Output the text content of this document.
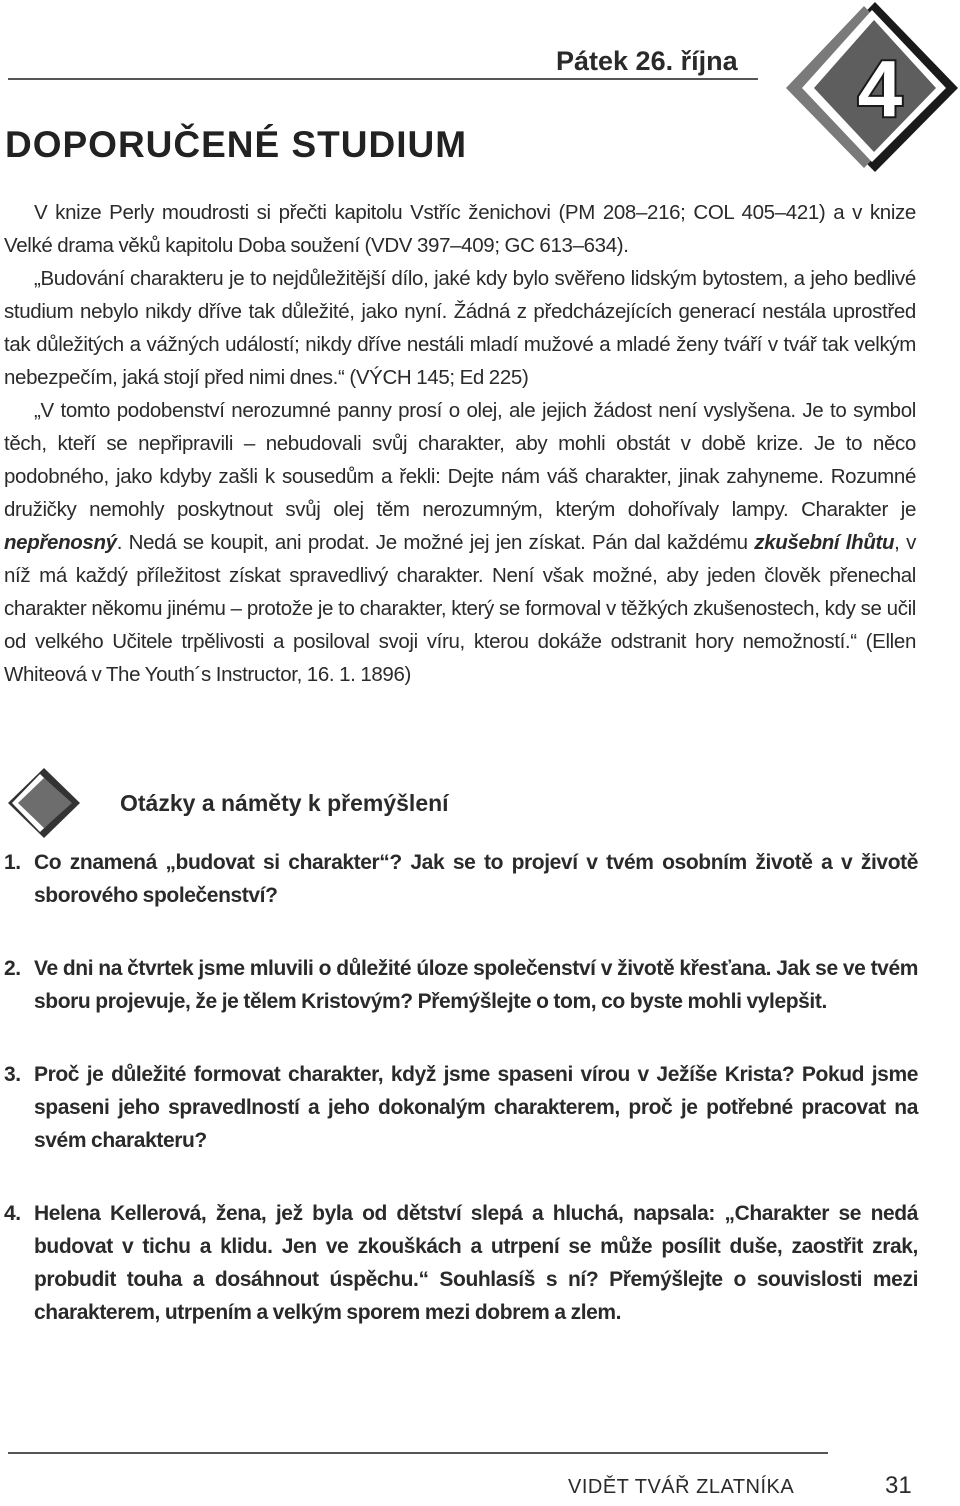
Pátek 26. října 4
DOPORUČENÉ STUDIUM

V knize Perly moudrosti si přečti kapitolu Vstříc ženichovi (PM 208–216; COL 405–421) a v knize Velké drama věků kapitolu Doba soužení (VDV 397–409; GC 613–634).

„Budování charakteru je to nejdůležitější dílo, jaké kdy bylo svěřeno lidským bytostem, a jeho bedlivé studium nebylo nikdy dříve tak důležité, jako nyní. Žádná z předcházejících generací nestála uprostřed tak důležitých a vážných událostí; nikdy dříve nestáli mladí mužové a mladé ženy tváří v tvář tak velkým nebezpečím, jaká stojí před nimi dnes.“ (VÝCH 145; Ed 225)

„V tomto podobenství nerozumné panny prosí o olej, ale jejich žádost není vyslyšena. Je to symbol těch, kteří se nepřipravili – nebudovali svůj charakter, aby mohli obstát v době krize. Je to něco podobného, jako kdyby zašli k sousedům a řekli: Dejte nám váš charakter, jinak zahyneme. Rozumné družičky nemohly poskytnout svůj olej těm nerozumným, kterým dohořívaly lampy. Charakter je nepřenosný. Nedá se koupit, ani prodat. Je možné jej jen získat. Pán dal každému zkušební lhůtu, v níž má každý příležitost získat spravedlivý charakter. Není však možné, aby jeden člověk přenechal charakter někomu jinému – protože je to charakter, který se formoval v těžkých zkušenostech, kdy se učil od velkého Učitele trpělivosti a posiloval svoji víru, kterou dokáže odstranit hory nemožností.“ (Ellen Whiteová v The Youth´s Instructor, 16. 1. 1896)

Otázky a náměty k přemýšlení
1. Co znamená „budovat si charakter“? Jak se to projeví v tvém osobním životě a v životě sborového společenství?
2. Ve dni na čtvrtek jsme mluvili o důležité úloze společenství v životě křesťana. Jak se ve tvém sboru projevuje, že je tělem Kristovým? Přemýšlejte o tom, co byste mohli vylepšit.
3. Proč je důležité formovat charakter, když jsme spaseni vírou v Ježíše Krista? Pokud jsme spaseni jeho spravedlností a jeho dokonalým charakterem, proč je potřebné pracovat na svém charakteru?
4. Helena Kellerová, žena, jež byla od dětství slepá a hluchá, napsala: „Charakter se nedá budovat v tichu a klidu. Jen ve zkouškách a utrpení se může posílit duše, zaostřit zrak, probudit touha a dosáhnout úspěchu.“ Souhlasíš s ní? Přemýšlejte o souvislosti mezi charakterem, utrpením a velkým sporem mezi dobrem a zlem.
VIDĚT TVÁŘ ZLATNÍKA	31
